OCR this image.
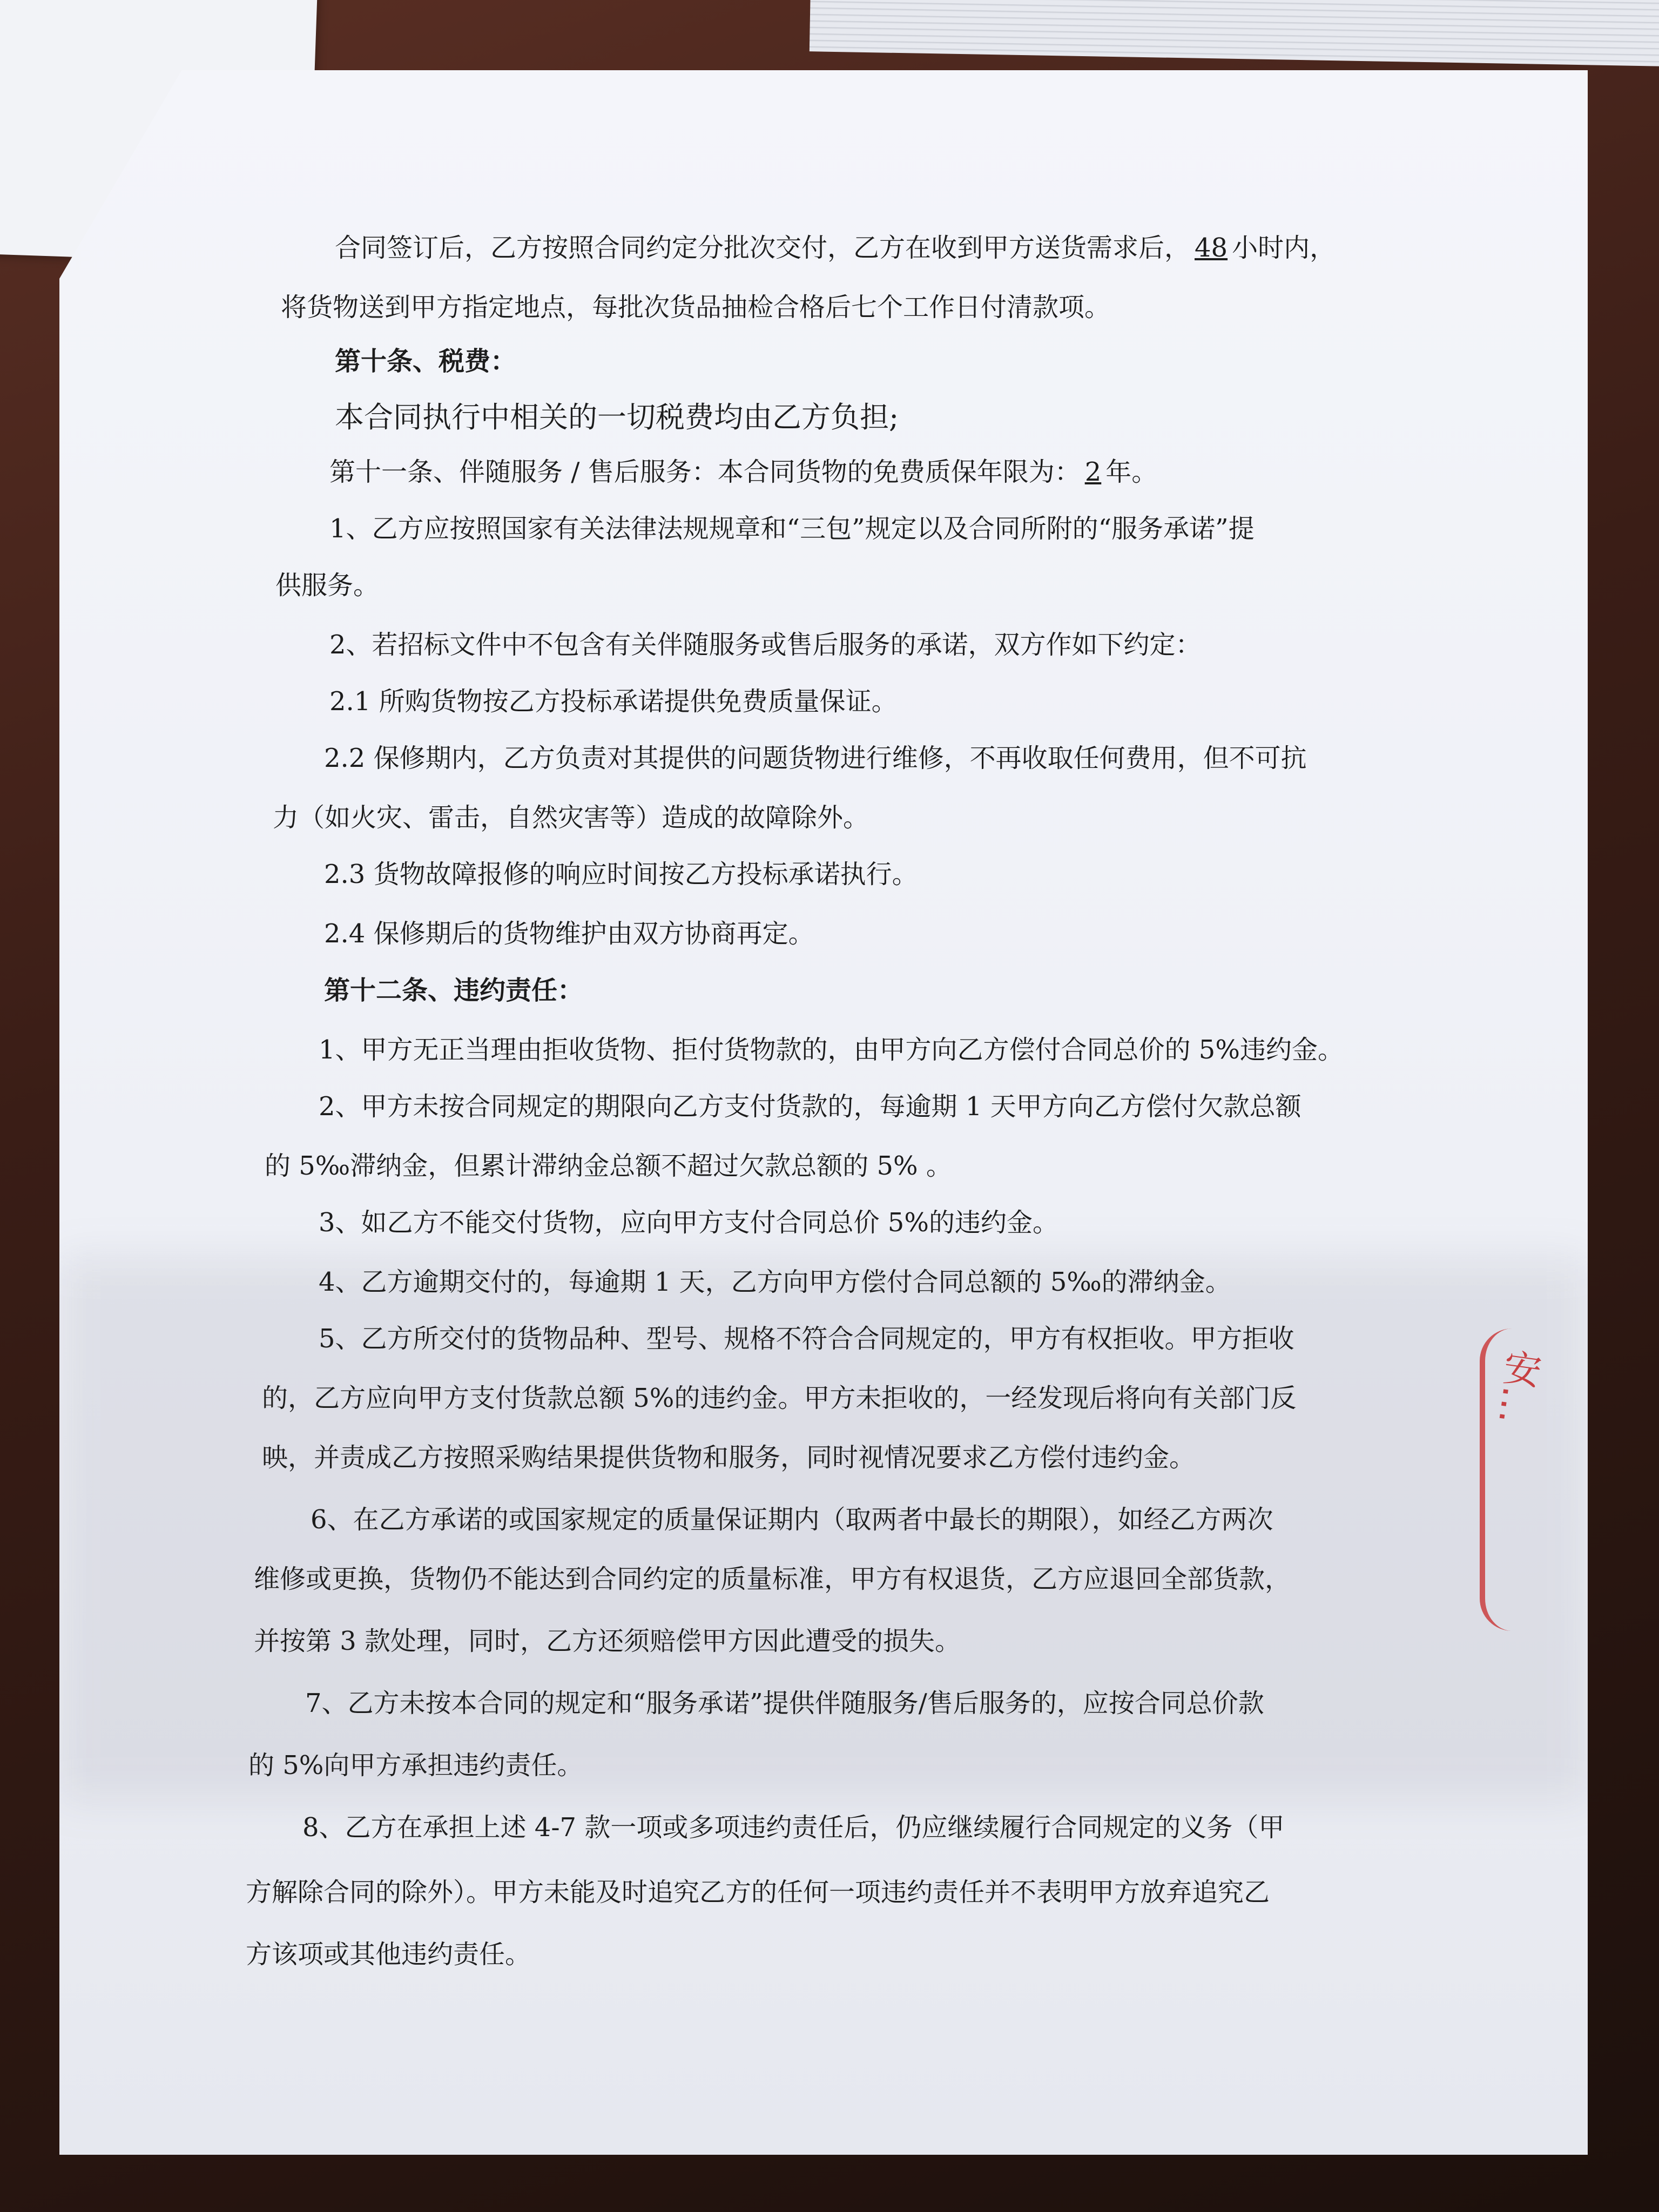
合同签订后，乙方按照合同约定分批次交付，乙方在收到甲方送货需求后， 48 小时内，
将货物送到甲方指定地点，每批次货品抽检合格后七个工作日付清款项。
第十条、税费：
本合同执行中相关的一切税费均由乙方负担;
第十一条、伴随服务 / 售后服务：本合同货物的免费质保年限为： 2 年。
1、乙方应按照国家有关法律法规规章和“三包”规定以及合同所附的“服务承诺”提
供服务。
2、若招标文件中不包含有关伴随服务或售后服务的承诺，双方作如下约定：
2.1 所购货物按乙方投标承诺提供免费质量保证。
2.2 保修期内，乙方负责对其提供的问题货物进行维修，不再收取任何费用，但不可抗
力（如火灾、雷击，自然灾害等）造成的故障除外。
2.3 货物故障报修的响应时间按乙方投标承诺执行。
2.4 保修期后的货物维护由双方协商再定。
第十二条、违约责任：
1、甲方无正当理由拒收货物、拒付货物款的，由甲方向乙方偿付合同总价的 5%违约金。
2、甲方未按合同规定的期限向乙方支付货款的，每逾期 1 天甲方向乙方偿付欠款总额
的 5‰滞纳金，但累计滞纳金总额不超过欠款总额的 5% 。
3、如乙方不能交付货物，应向甲方支付合同总价 5%的违约金。
4、乙方逾期交付的，每逾期 1 天，乙方向甲方偿付合同总额的 5‰的滞纳金。
5、乙方所交付的货物品种、型号、规格不符合合同规定的，甲方有权拒收。甲方拒收
的，乙方应向甲方支付货款总额 5%的违约金。甲方未拒收的，一经发现后将向有关部门反
映，并责成乙方按照采购结果提供货物和服务，同时视情况要求乙方偿付违约金。
6、在乙方承诺的或国家规定的质量保证期内（取两者中最长的期限），如经乙方两次
维修或更换，货物仍不能达到合同约定的质量标准，甲方有权退货，乙方应退回全部货款，
并按第 3 款处理，同时，乙方还须赔偿甲方因此遭受的损失。
7、乙方未按本合同的规定和“服务承诺”提供伴随服务/售后服务的，应按合同总价款
的 5%向甲方承担违约责任。
8、乙方在承担上述 4-7 款一项或多项违约责任后，仍应继续履行合同规定的义务（甲
方解除合同的除外）。甲方未能及时追究乙方的任何一项违约责任并不表明甲方放弃追究乙
方该项或其他违约责任。
安…
